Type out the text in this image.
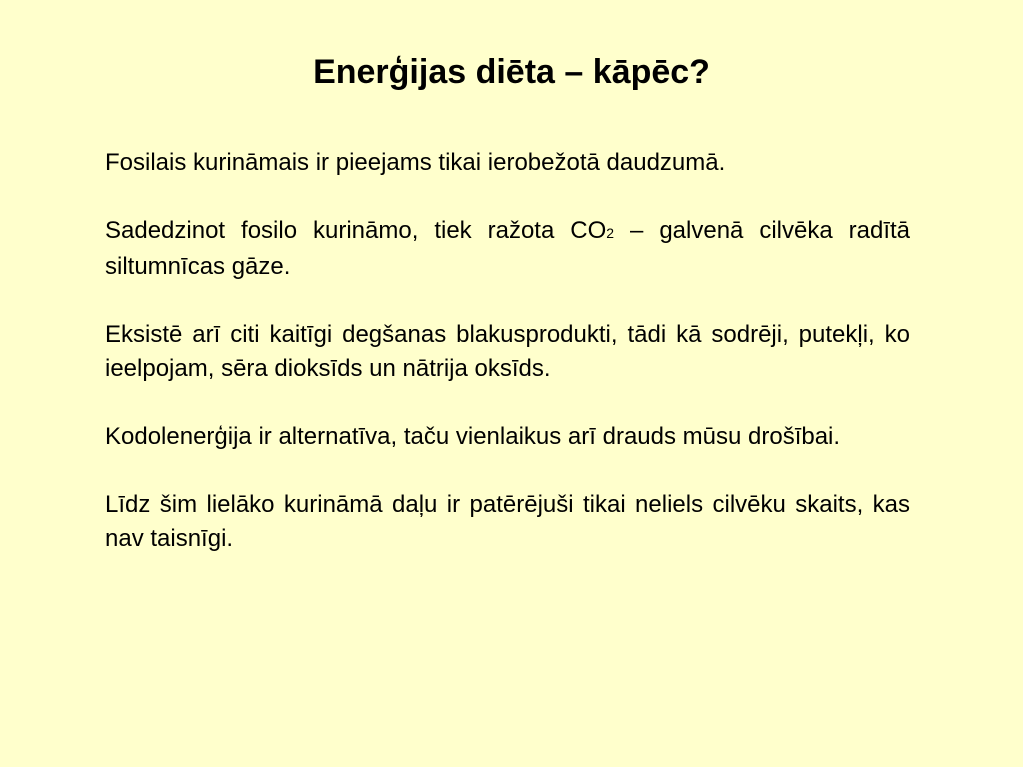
Enerģijas diēta – kāpēc?

Fosilais kurināmais ir pieejams tikai ierobežotā daudzumā.

Sadedzinot fosilo kurināmo, tiek ražota CO2 – galvenā cilvēka radītā siltumnīcas gāze.

Eksistē arī citi kaitīgi degšanas blakusprodukti, tādi kā sodrēji, putekļi, ko ieelpojam, sēra dioksīds un nātrija oksīds.

Kodolenerģija ir alternatīva, taču vienlaikus arī drauds mūsu drošībai.

Līdz šim lielāko kurināmā daļu ir patērējuši tikai neliels cilvēku skaits, kas nav taisnīgi.
